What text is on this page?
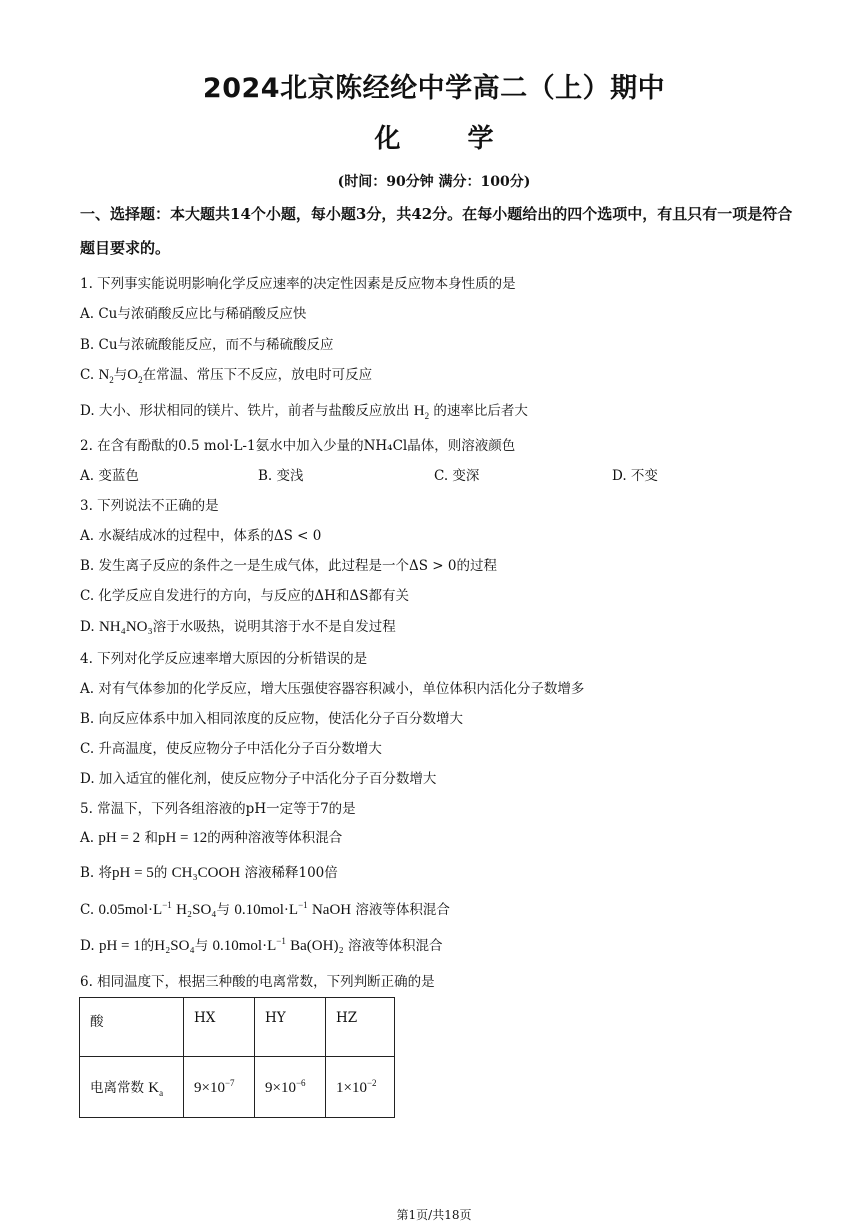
2024北京陈经纶中学高二（上）期中
化 学
(时间：90分钟 满分：100分)
一、选择题：本大题共14个小题，每小题3分，共42分。在每小题给出的四个选项中，有且只有一项是符合题目要求的。
1. 下列事实能说明影响化学反应速率的决定性因素是反应物本身性质的是
A. Cu与浓硝酸反应比与稀硝酸反应快
B. Cu与浓硫酸能反应，而不与稀硫酸反应
C. $N_2$与$O_2$在常温、常压下不反应，放电时可反应
D. 大小、形状相同的镁片、铁片，前者与盐酸反应放出 $H_2$ 的速率比后者大
2. 在含有酚酞的0.5 mol·L-1氨水中加入少量的NH₄Cl晶体，则溶液颜色
A. 变蓝色	B. 变浅	C. 变深	D. 不变
3. 下列说法不正确的是
A. 水凝结成冰的过程中，体系的ΔS < 0
B. 发生离子反应的条件之一是生成气体，此过程是一个ΔS > 0的过程
C. 化学反应自发进行的方向，与反应的ΔH和ΔS都有关
D. NH₄NO₃溶于水吸热，说明其溶于水不是自发过程
4. 下列对化学反应速率增大原因的分析错误的是
A. 对有气体参加的化学反应，增大压强使容器容积减小，单位体积内活化分子数增多
B. 向反应体系中加入相同浓度的反应物，使活化分子百分数增大
C. 升高温度，使反应物分子中活化分子百分数增大
D. 加入适宜的催化剂，使反应物分子中活化分子百分数增大
5. 常温下，下列各组溶液的pH一定等于7的是
A. pH = 2 和pH = 12的两种溶液等体积混合
B. 将pH = 5的 CH₃COOH 溶液稀释100倍
C. $0.05mol\cdot L^{-1}$ H₂SO₄与 $0.10mol\cdot L^{-1}$ NaOH 溶液等体积混合
D. pH = 1的H₂SO₄与 $0.10mol\cdot L^{-1}$ Ba(OH)₂ 溶液等体积混合
6. 相同温度下，根据三种酸的电离常数，下列判断正确的是
酸	HX	HY	HZ
电离常数 $K_a$	$9\times 10^{-7}$	$9\times 10^{-6}$	$1\times 10^{-2}$
第1页/共18页
